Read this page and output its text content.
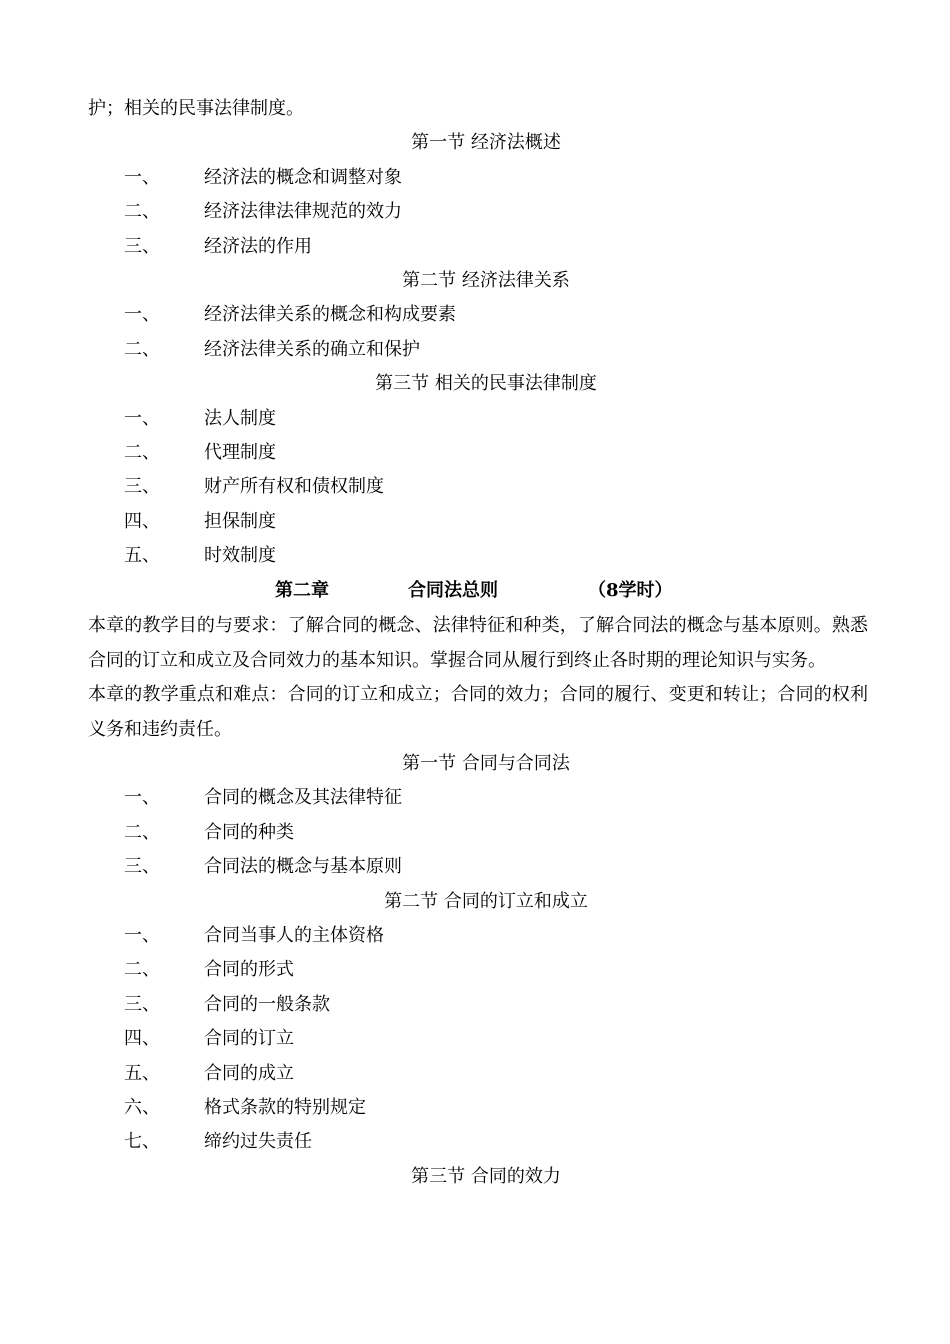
护；相关的民事法律制度。
第一节 经济法概述
一、	经济法的概念和调整对象
二、	经济法律法律规范的效力
三、	经济法的作用
第二节 经济法律关系
一、	经济法律关系的概念和构成要素
二、	经济法律关系的确立和保护
第三节 相关的民事法律制度
一、	法人制度
二、	代理制度
三、	财产所有权和债权制度
四、	担保制度
五、	时效制度
第二章	合同法总则	（8学时）
本章的教学目的与要求：了解合同的概念、法律特征和种类，了解合同法的概念与基本原则。熟悉合同的订立和成立及合同效力的基本知识。掌握合同从履行到终止各时期的理论知识与实务。
本章的教学重点和难点：合同的订立和成立；合同的效力；合同的履行、变更和转让；合同的权利义务和违约责任。
第一节 合同与合同法
一、	合同的概念及其法律特征
二、	合同的种类
三、	合同法的概念与基本原则
第二节 合同的订立和成立
一、	合同当事人的主体资格
二、	合同的形式
三、	合同的一般条款
四、	合同的订立
五、	合同的成立
六、	格式条款的特别规定
七、	缔约过失责任
第三节 合同的效力
